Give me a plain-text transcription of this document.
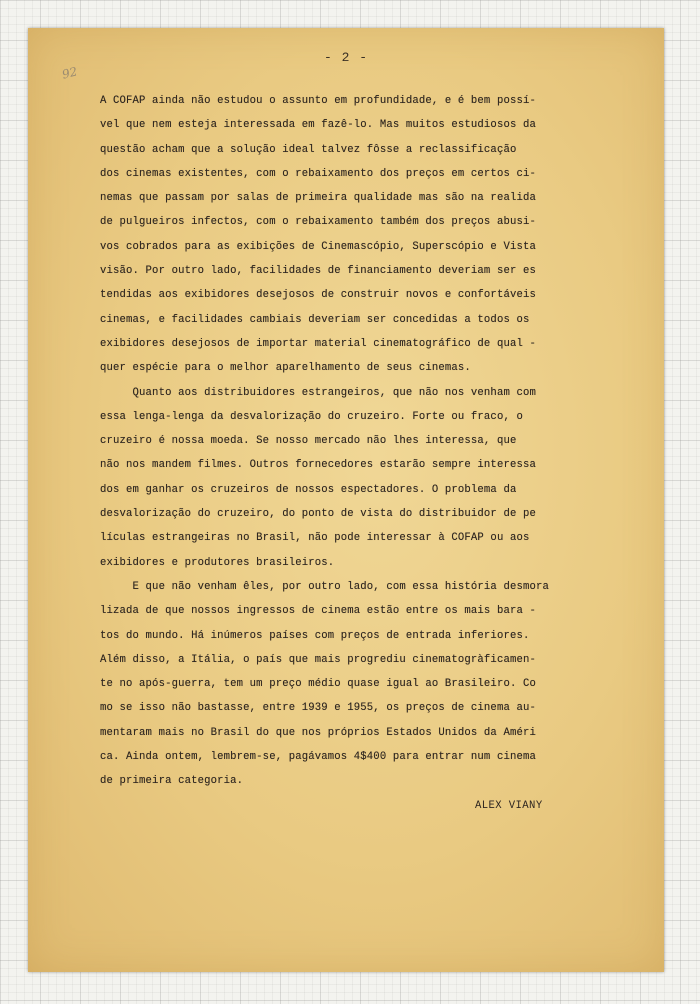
92
- 2 -
A COFAP ainda não estudou o assunto em profundidade, e é bem possí-
vel que nem esteja interessada em fazê-lo. Mas muitos estudiosos da
questão acham que a solução ideal talvez fôsse a reclassificação
dos cinemas existentes, com o rebaixamento dos preços em certos ci-
nemas que passam por salas de primeira qualidade mas são na realida
de pulgueiros infectos, com o rebaixamento também dos preços abusi-
vos cobrados para as exibições de Cinemascópio, Superscópio e Vista
visão. Por outro lado, facilidades de financiamento deveriam ser es
tendidas aos exibidores desejosos de construir novos e confortáveis
cinemas, e facilidades cambiais deveriam ser concedidas a todos os
exibidores desejosos de importar material cinematográfico de qual -
quer espécie para o melhor aparelhamento de seus cinemas.
Quanto aos distribuidores estrangeiros, que não nos venham com
essa lenga-lenga da desvalorização do cruzeiro. Forte ou fraco, o
cruzeiro é nossa moeda. Se nosso mercado não lhes interessa, que
não nos mandem filmes. Outros fornecedores estarão sempre interessa
dos em ganhar os cruzeiros de nossos espectadores. O problema da
desvalorização do cruzeiro, do ponto de vista do distribuidor de pe
lículas estrangeiras no Brasil, não pode interessar à COFAP ou aos
exibidores e produtores brasileiros.
E que não venham êles, por outro lado, com essa história desmora
lizada de que nossos ingressos de cinema estão entre os mais bara -
tos do mundo. Há inúmeros países com preços de entrada inferiores.
Além disso, a Itália, o país que mais progrediu cinematogràficamen-
te no após-guerra, tem um preço médio quase igual ao Brasileiro. Co
mo se isso não bastasse, entre 1939 e 1955, os preços de cinema au-
mentaram mais no Brasil do que nos próprios Estados Unidos da Améri
ca. Ainda ontem, lembrem-se, pagávamos 4$400 para entrar num cinema
de primeira categoria.
ALEX VIANY
